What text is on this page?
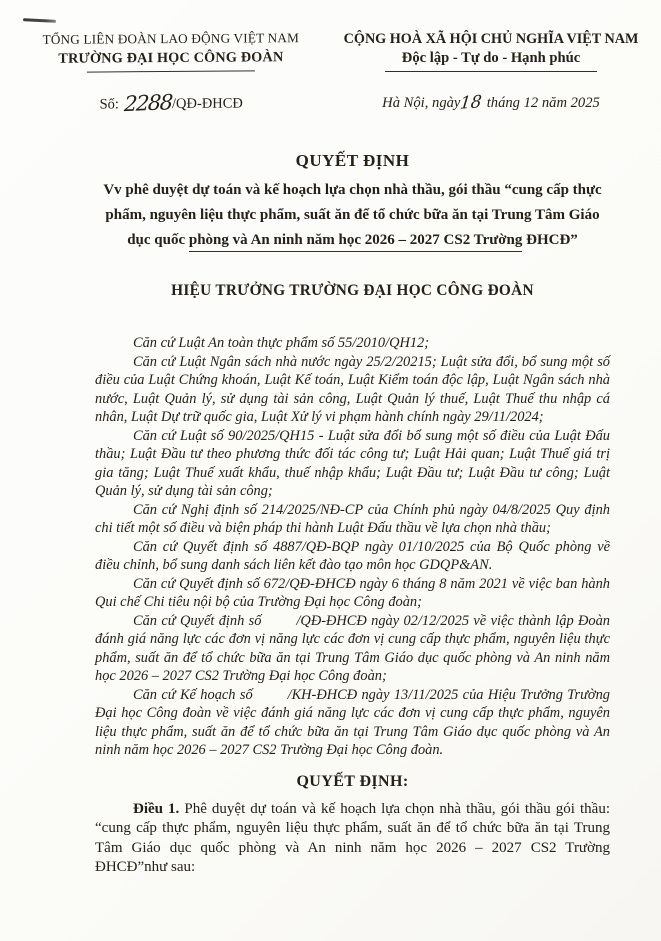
TỔNG LIÊN ĐOÀN LAO ĐỘNG VIỆT NAM
TRƯỜNG ĐẠI HỌC CÔNG ĐOÀN
Số: 2288/QĐ-ĐHCĐ
CỘNG HOÀ XÃ HỘI CHỦ NGHĨA VIỆT NAM
Độc lập - Tự do - Hạnh phúc
Hà Nội, ngày18 tháng 12 năm 2025
QUYẾT ĐỊNH
Vv phê duyệt dự toán và kế hoạch lựa chọn nhà thầu, gói thầu “cung cấp thực
phẩm, nguyên liệu thực phẩm, suất ăn để tổ chức bữa ăn tại Trung Tâm Giáo
dục quốc phòng và An ninh năm học 2026 – 2027 CS2 Trường ĐHCĐ”
HIỆU TRƯỞNG TRƯỜNG ĐẠI HỌC CÔNG ĐOÀN

Căn cứ Luật An toàn thực phẩm số 55/2010/QH12;

Căn cứ Luật Ngân sách nhà nước ngày 25/2/20215; Luật sửa đổi, bổ sung một số điều của Luật Chứng khoán, Luật Kế toán, Luật Kiểm toán độc lập, Luật Ngân sách nhà nước, Luật Quản lý, sử dụng tài sản công, Luật Quản lý thuế, Luật Thuế thu nhập cá nhân, Luật Dự trữ quốc gia, Luật Xử lý vi phạm hành chính ngày 29/11/2024;

Căn cứ Luật số 90/2025/QH15 - Luật sửa đổi bổ sung một số điều của Luật Đấu thầu; Luật Đầu tư theo phương thức đối tác công tư; Luật Hải quan; Luật Thuế giá trị gia tăng; Luật Thuế xuất khẩu, thuế nhập khẩu; Luật Đầu tư; Luật Đầu tư công; Luật Quản lý, sử dụng tài sản công;

Căn cứ Nghị định số 214/2025/NĐ-CP của Chính phủ ngày 04/8/2025 Quy định chi tiết một số điều và biện pháp thi hành Luật Đấu thầu về lựa chọn nhà thầu;

Căn cứ Quyết định số 4887/QĐ-BQP ngày 01/10/2025 của Bộ Quốc phòng về điều chỉnh, bổ sung danh sách liên kết đào tạo môn học GDQP&AN.

Căn cứ Quyết định số 672/QĐ-ĐHCĐ ngày 6 tháng 8 năm 2021 về việc ban hành Qui chế Chi tiêu nội bộ của Trường Đại học Công đoàn;

Căn cứ Quyết định số        /QĐ-ĐHCĐ ngày 02/12/2025 về việc thành lập Đoàn đánh giá năng lực các đơn vị năng lực các đơn vị cung cấp thực phẩm, nguyên liệu thực phẩm, suất ăn để tổ chức bữa ăn tại Trung Tâm Giáo dục quốc phòng và An ninh năm học 2026 – 2027 CS2 Trường Đại học Công đoàn;

Căn cứ Kế hoạch số        /KH-ĐHCĐ ngày 13/11/2025 của Hiệu Trưởng Trường Đại học Công đoàn về việc đánh giá năng lực các đơn vị cung cấp thực phẩm, nguyên liệu thực phẩm, suất ăn để tổ chức bữa ăn tại Trung Tâm Giáo dục quốc phòng và An ninh năm học 2026 – 2027 CS2 Trường Đại học Công đoàn.

QUYẾT ĐỊNH:

Điều 1. Phê duyệt dự toán và kế hoạch lựa chọn nhà thầu, gói thầu gói thầu: “cung cấp thực phẩm, nguyên liệu thực phẩm, suất ăn để tổ chức bữa ăn tại Trung Tâm Giáo dục quốc phòng và An ninh năm học 2026 – 2027 CS2 Trường ĐHCĐ”như sau:
